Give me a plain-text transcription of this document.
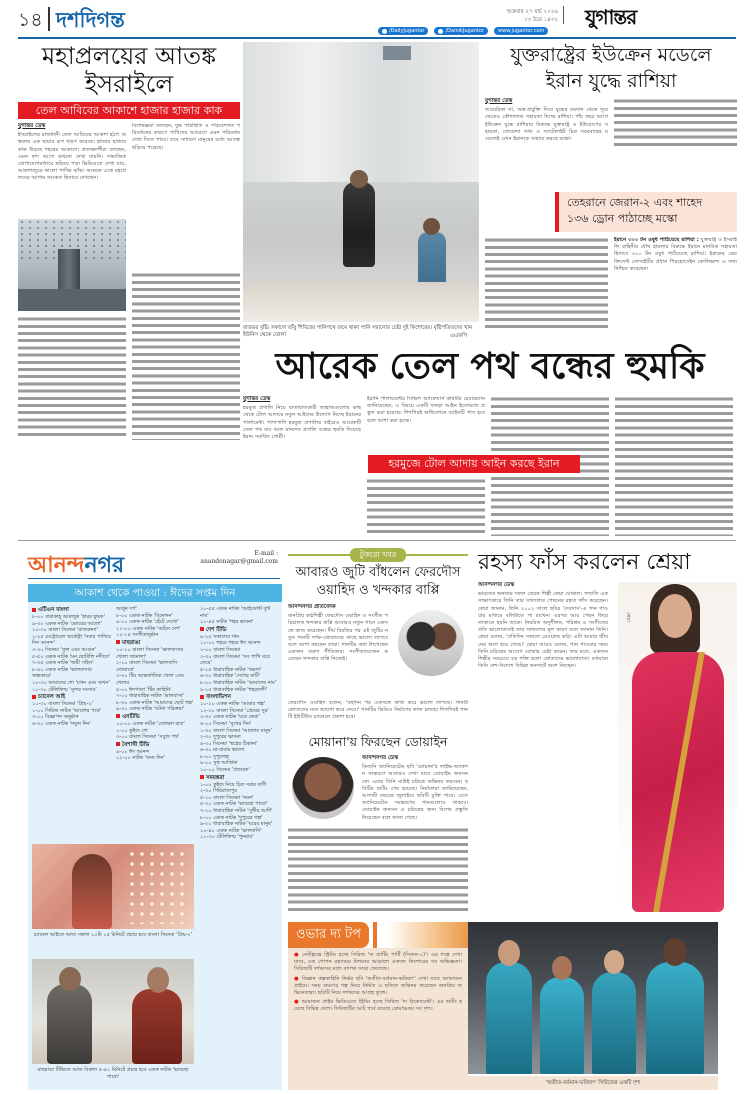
১৪ দশদিগন্ত	শুক্রবার ২৭ মার্চ ২০২৬
১৩ চৈত্র ১৪৩২ যুগান্তর
/DailyJugantor	/DainikJugantor	www.jugantor.com
মহাপ্রলয়ের আতঙ্ক
ইসরাইলে
তেল আবিবের আকাশে হাজার হাজার কাক
যুগান্তর ডেস্ক
ইসরাইলের রাজধানী তেল আবিবের আকাশ হঠাৎ অন্ধকার এক ছায়ার রূপ ধারণ করেছে। হাজার হাজার কাক উড়ছে শহরের আকাশে। প্রত্যক্ষদর্শীরা বলছেন, এমন দৃশ্য আগে কখনো দেখা যায়নি। সামাজিক যোগাযোগমাধ্যমে ছড়িয়ে পড়া ভিডিওতে দেখা যায়, আকাশজুড়ে কালো পাখির ঝাঁক। অনেকে একে মহাপ্রলয়ের আগাম সংকেত হিসাবে দেখছেন।
বিশেষজ্ঞরা বলছেন, যুদ্ধ পরিস্থিতি ও পরিবেশগত পরিবর্তনের কারণে পাখিদের আচরণে এমন পরিবর্তন দেখা দিতে পারে। তবে সাধারণ মানুষের মধ্যে আতঙ্ক ছড়িয়ে পড়েছে।
রাতভর বৃষ্টি। সকালে তাঁবু শিবিরের পানিপথে জমে থাকা পানি সরানোর চেষ্টা দুই কিশোরের। বৃষ্টিপতিতদের খান ইউনিস থেকে তোলা	এএফপি
যুক্তরাষ্ট্রের ইউক্রেন মডেলে
ইরান যুদ্ধে রাশিয়া
যুগান্তর ডেস্ক
আমেরিকা না, অস্ত্র-প্রযুক্তি দিয়ে যুদ্ধের ময়দান থেকে দূরে থেকেও কৌশলগত সহায়তা দিচ্ছে রাশিয়া। পাঁচ বছর আগে ইউক্রেন যুদ্ধে রাশিয়ার বিরুদ্ধে যুক্তরাষ্ট্র ও ইউরোপের সহায়তা, গোয়েন্দা তথ্য ও স্যাটেলাইট চিত্র সরবরাহের মডেলেই এখন ইরানকে সাহায্য করছে মস্কো।
তেহরানে জেরান-২ এবং শাহেদ
১৩৬ ড্রোন পাঠাচ্ছে মস্কো
ইরানে ৩০০ টন ওষুধ পাঠিয়েছে রাশিয়া : যুক্তরাষ্ট্র ও ইসরাইলি বাহিনীর যৌথ হামলার বিরুদ্ধে ইরানে মানবিক সহায়তা হিসাবে ৩০০ টন ওষুধ পাঠিয়েছে রাশিয়া। ইরানের রেড ক্রিসেন্ট সোসাইটির প্রধান পিরহোসেইন কোলিভান্দ এ তথ্য নিশ্চিত করেছেন।
আরেক তেল পথ বন্ধের হুমকি
যুগান্তর ডেস্ক
হরমুজ প্রণালি নিয়ে যাতায়াতকারী জাহাজগুলোর কাছ থেকে টোল আদায়ে নতুন আইনের উদ্যোগ নিচ্ছে ইরানের পার্লামেন্ট। পাশাপাশি হরমুজ প্রণালির বাইরেও আরেকটি তেল পথ বাব আল মানদেব প্রণালি বন্ধের হুমকি দিয়েছে ইরান সমর্থিত গোষ্ঠী।
ইরানি পার্লামেন্টের সিভিল অ্যাফেয়ার্স কমিটির চেয়ারম্যান জানিয়েছেন, এ বিষয়ে একটি খসড়া আইন ইতোমধ্যে প্রস্তুত করা হয়েছে। শিগগিরই অধিবেশনে আইনটি পাস হবে বলে আশা করা হচ্ছে।
হরমুজে টোল আদায় আইন করছে ইরান
আনন্দনগর	E-mail :
anandonagar@gmail.com
আকাশ থেকে পাওয়া : ঈদের সপ্তম দিন
এটিএন বাংলা
৮-০০ বারাকাহ্ আরজুক 'হারর যুদ্ধক'
৯-৩০ একক নাটক 'ভোরের আলো'
১০-৩০ বাংলা সিনেমা 'রাজকন্যা'
১-২৫ মেট্রোরেল অর্কেস্ট্রা 'সবার পাশিয়ে দিন আনন্দ'
৩-৩০ সিনেমা 'ফুল এবং আগুন'
৫-৫০ একক নাটক 'মন ছোটালি নদীতে'
৭-৩৫ একক নাটক 'জয়ী সহিস'
৮-৪০ একক নাটক 'ভালবাসার অন্ধকারে'
১০-৩০ আমাদের শো 'যখন এবং অখন'
১১-৩০ টেলিফিল্ম 'সুন্দর সংসার'
চ্যানেল আই
১০-৩০ বাংলা সিনেমা 'প্রিয়-২'
১-০০ সিরিজ নাটক 'আলোর পথে'
৩-০০ বিজ্ঞাপন অনুষ্ঠান
৪-৩০ একক নাটক 'নতুন দিন'
অর্জুন দর্প'
৮-০০ একক নাটক 'বিনোদন'
৯-১০ একক নাটক 'হেঁটে দেখো'
১১-০০ একক নাটক 'অচিন দেশ'
১২-১৫ সংগীতানুষ্ঠান
মাছরাঙা
১০-১০ বাংলা সিনেমা 'ভালবাসার খোলা জানালা'
২-১০ বাংলা সিনেমা 'ভালবাসি তোমাকে'
৩-৩০ টিম আন্তর্জাতিক খেলা এবং খেলার
৫-০০ ঈদপাতা 'টিম কাহিনি'
৭-০০ ধারাবাহিক নাটক 'ভালবাসা'
৮-৩০ একক নাটক 'আমাদের ছোট গল্প'
৯-৩০ একক নাটক 'ঘটনা পরিক্রমা'
এনটিভি
১০-০০ একক নাটক 'জোছনা রাত'
১-০০ কুইজ শো
৩-০০ বাংলা সিনেমা 'সবুজ পথ'
বৈশাখী টিভি
৯-০০ ঈদ আনন্দ
১২-০০ নাটক 'অন্য দিন'
১০-৫৫ একক নাটক 'আইডেন্টি দুটি নাম'
১১-৪৫ নাটক 'শহর ভাবনা'
দেশ টিভি
৯-১৫ সকালের গান
১১-০০ শহরে শহরে ঈদ আনন্দ
১-০০ বাংলা সিনেমা
২-৩০ বাংলা সিনেমা 'সব পাখি ঘরে ফেরে'
৫-১৫ ধারাবাহিক নাটক 'অরণ্য'
৬-৩০ ধারাবাহিক 'দেশের মাটি'
৮-০০ ধারাবাহিক নাটক 'আমাদের নাম'
৯-১৫ ধারাবাহিক নাটক 'শহরতলী'
বাংলাভিশন
১০-১০ একক নাটক 'আমার গল্প'
১২-৩০ বাংলা সিনেমা 'প্রেমের সুর'
২-৩০ একক নাটক 'ঘরে ফেরা'
৪-০০ সিনেমা 'সুখের দিন'
১-৩০ বাংলা সিনেমা 'আলোর মানুষ'
২-৩০ দুপুরের ভাবনা
৪-৩০ সিনেমা 'স্বপ্নের ঠিকানা'
৬-৩০ মা-বাবার ভালো
৮-০০ দুপুরগল্প
৯-০০ সুস্থ আর্জিনা
১০-০০ সিনেমা 'প্রতারক'
সময়ন্তরা
১-০০ কুইজ নিয়ে চিত্র সবার বাণী
২-৩০ গিরিরাজপুর
৫-১০ বাংলা সিনেমা 'নয়ন'
৫-৩০ একক নাটক 'ভাবছো পাবো'
৭-২০ ধারাবাহিক নাটক 'সুখীর আশি'
৮-০০ একক নাটক 'দুপুরের গল্প'
৯-২০ ধারাবাহিক নাটক 'ঘরের মানুষ'
১০-৪০ একক নাটক 'ভালবাসি'
১১-৩০ টেলিফিল্ম 'পুনরায়'
চ্যানেল আইতে আজ সকাল ১০টা ১৫ মিনিটে প্রচার হবে বাংলা সিনেমা 'প্রিয়-২'
মাছরাঙা টিভিতে আজ বিকাল ৫-৫০ মিনিটে প্রচার হবে একক নাটক 'ভাবছো পাবো'
টুকরো খবর
আবারও জুটি বাঁধলেন ফেরদৌস
ওয়াহিদ ও খন্দকার বাপ্পি
আনন্দনগর প্রতিবেদক
জনপ্রিয় কণ্ঠশিল্পী ফেরদৌস ওয়াহিদ ও সংগীত পরিচালক খন্দকার বাপ্পি আবারও নতুন গানে একসঙ্গে কাজ করেছেন। দীর্ঘ বিরতির পর এই জুটির নতুন গানটি দর্শক-শ্রোতাদের কাছে ভালো লাগবে বলে আশা করছেন তারা। গানটির কথা লিখেছেন একজন তরুণ গীতিকার। সংগীতায়োজন করেছেন খন্দকার বাপ্পি নিজেই।
ফেরদৌস ওয়াহিদ বলেন, 'বহুদিন পর একসঙ্গে কাজ করে ভালো লাগছে। গানটি শ্রোতাদের মনে জায়গা করে নেবে।' গানটির ভিডিও নির্মাণের কাজ চলছে। শিগগিরই গানটি ইউটিউব চ্যানেলে প্রকাশ হবে।
মোয়ানা'য় ফিরছেন ডোয়াইন
আনন্দনগর ডেস্ক
ডিজনি অ্যানিমেটেড ছবি 'মোয়ানা'র লাইভ-অ্যাকশন সংস্করণে আবারও দেখা যাবে ডোয়াইন জনসনকে। এবার তিনি মাউই চরিত্রে অভিনয় করবেন। ছবিটির শুটিং শেষ হয়েছে। নির্মাতারা জানিয়েছেন, আগামী বছরের জুলাইয়ে ছবিটি মুক্তি পাবে। এতে অ্যানিমেটেড সংস্করণের গানগুলোও থাকবে। ডোয়াইন জনসন এ চরিত্রের জন্য বিশেষ প্রস্তুতি নিয়েছেন বলে জানা গেছে।
রহস্য ফাঁস করলেন শ্রেয়া
আনন্দনগর ডেস্ক
ভারতের অন্যতম সফল প্রেরক শিল্পী শ্রেয়া ঘোষাল। সম্প্রতি এক সাক্ষাৎকারে তিনি তার সাফল্যের পেছনের রহস্য ফাঁস করেছেন। শ্রেয়া জানান, তিনি ২০০২ সালে ছবির 'দেবদাস'-এ গান গাওয়ার মাধ্যমে বলিউডে পা রাখেন। এরপর আর পেছন ফিরে তাকাতে হয়নি তাকে। নিয়মিত অনুশীলন, পরিশ্রম ও সংগীতের প্রতি ভালোবাসাই তার সাফল্যের মূল কারণ বলে জানান তিনি। শ্রেয়া বলেন, 'প্রতিদিন সকালে রেওয়াজ করি। এটা আমার জীবনের অংশ হয়ে গেছে।' শ্রেয়া আরও বলেন, গান গাওয়ার সময় তিনি চরিত্রের আবেগ বোঝার চেষ্টা করেন। তার মতে, একজন শিল্পীর সবচেয়ে বড় শক্তি হলো শ্রোতাদের ভালোবাসা। বর্তমানে তিনি দেশ-বিদেশে বিভিন্ন কনসার্টে অংশ নিচ্ছেন।
শ্রেয়া
ওভার দ্য টপ
● নেটফ্লিক্সে স্ট্রিমিং হচ্ছে সিরিজ 'দ্য ব্যাটিং পার্টি (সিজন-১)'। এর গল্পে দেখা যাবে, এক গোপন রহস্যময় মিশনের আড়ালে একদল কিশোরের সব অভিজ্ঞতা। সিরিজটি দর্শকদের মধ্যে ব্যাপক সাড়া ফেলেছে।
● বিজ্ঞান কল্পকাহিনি নির্ভর ছবি 'অতীত-বর্তমান-ভবিষ্যৎ' দেখা যাবে অ্যামাজন প্রাইমে। সময় ভ্রমণের গল্প নিয়ে নির্মিত এ ছবিতে অভিনয় করেছেন জনপ্রিয় অভিনেতারা। ছবিটি নিয়ে দর্শকদের আগ্রহ তুঙ্গে।
● আমাজন প্রাইম ভিডিওতে স্ট্রিমিং হচ্ছে সিরিজ 'দ্য রিকোয়েস্ট'। এর শুটিং হয়েছে বিভিন্ন দেশে। সিরিজটির আট পর্বে রয়েছে রোমাঞ্চকর সব দৃশ্য।
'অতীত-বর্তমান-ভবিষ্যৎ' সিরিজের একটি দৃশ্য
